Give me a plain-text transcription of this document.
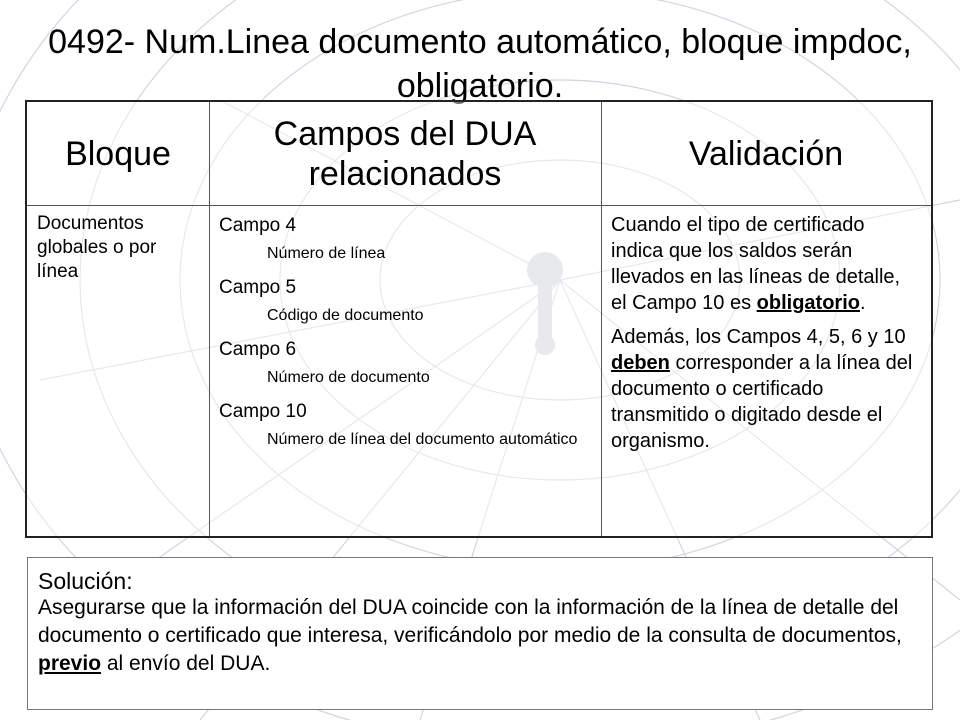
0492- Num.Linea documento automático, bloque impdoc, obligatorio.
Bloque
Campos del DUA relacionados
Validación
Documentos globales o por línea
Campo 4
Número de línea
Campo 5
Código de documento
Campo 6
Número de documento
Campo 10
Número de línea del documento automático

Cuando el tipo de certificado indica que los saldos serán llevados en las líneas de detalle, el Campo 10 es obligatorio.

Además, los Campos 4, 5, 6 y 10 deben corresponder a la línea del documento o certificado transmitido o digitado desde el organismo.

Solución:
Asegurarse que la información del DUA coincide con la información de la línea de detalle del documento o certificado que interesa, verificándolo por medio de la consulta de documentos, previo al envío del DUA.
